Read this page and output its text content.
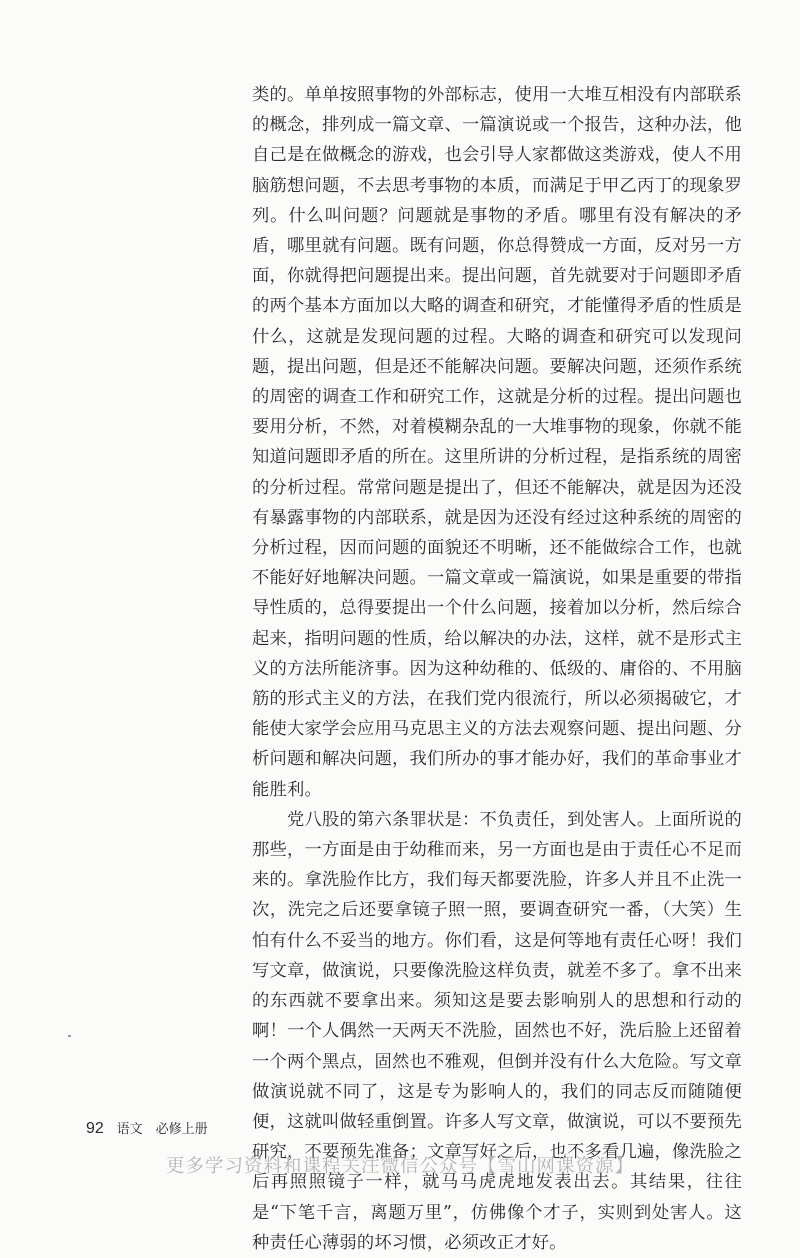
类的。单单按照事物的外部标志，使用一大堆互相没有内部联系的概念，排列成一篇文章、一篇演说或一个报告，这种办法，他自己是在做概念的游戏，也会引导人家都做这类游戏，使人不用脑筋想问题，不去思考事物的本质，而满足于甲乙丙丁的现象罗列。什么叫问题？问题就是事物的矛盾。哪里有没有解决的矛盾，哪里就有问题。既有问题，你总得赞成一方面，反对另一方面，你就得把问题提出来。提出问题，首先就要对于问题即矛盾的两个基本方面加以大略的调查和研究，才能懂得矛盾的性质是什么，这就是发现问题的过程。大略的调查和研究可以发现问题，提出问题，但是还不能解决问题。要解决问题，还须作系统的周密的调查工作和研究工作，这就是分析的过程。提出问题也要用分析，不然，对着模糊杂乱的一大堆事物的现象，你就不能知道问题即矛盾的所在。这里所讲的分析过程，是指系统的周密的分析过程。常常问题是提出了，但还不能解决，就是因为还没有暴露事物的内部联系，就是因为还没有经过这种系统的周密的分析过程，因而问题的面貌还不明晰，还不能做综合工作，也就不能好好地解决问题。一篇文章或一篇演说，如果是重要的带指导性质的，总得要提出一个什么问题，接着加以分析，然后综合起来，指明问题的性质，给以解决的办法，这样，就不是形式主义的方法所能济事。因为这种幼稚的、低级的、庸俗的、不用脑筋的形式主义的方法，在我们党内很流行，所以必须揭破它，才能使大家学会应用马克思主义的方法去观察问题、提出问题、分析问题和解决问题，我们所办的事才能办好，我们的革命事业才能胜利。

党八股的第六条罪状是：不负责任，到处害人。上面所说的那些，一方面是由于幼稚而来，另一方面也是由于责任心不足而来的。拿洗脸作比方，我们每天都要洗脸，许多人并且不止洗一次，洗完之后还要拿镜子照一照，要调查研究一番，（大笑）生怕有什么不妥当的地方。你们看，这是何等地有责任心呀！我们写文章，做演说，只要像洗脸这样负责，就差不多了。拿不出来的东西就不要拿出来。须知这是要去影响别人的思想和行动的啊！一个人偶然一天两天不洗脸，固然也不好，洗后脸上还留着一个两个黑点，固然也不雅观，但倒并没有什么大危险。写文章做演说就不同了，这是专为影响人的，我们的同志反而随随便便，这就叫做轻重倒置。许多人写文章，做演说，可以不要预先研究，不要预先准备；文章写好之后，也不多看几遍，像洗脸之后再照照镜子一样，就马马虎虎地发表出去。其结果，往往是“下笔千言，离题万里”，仿佛像个才子，实则到处害人。这种责任心薄弱的坏习惯，必须改正才好。

92 语文　必修上册
更多学习资料和课程关注微信公众号【雪山网课资源】
